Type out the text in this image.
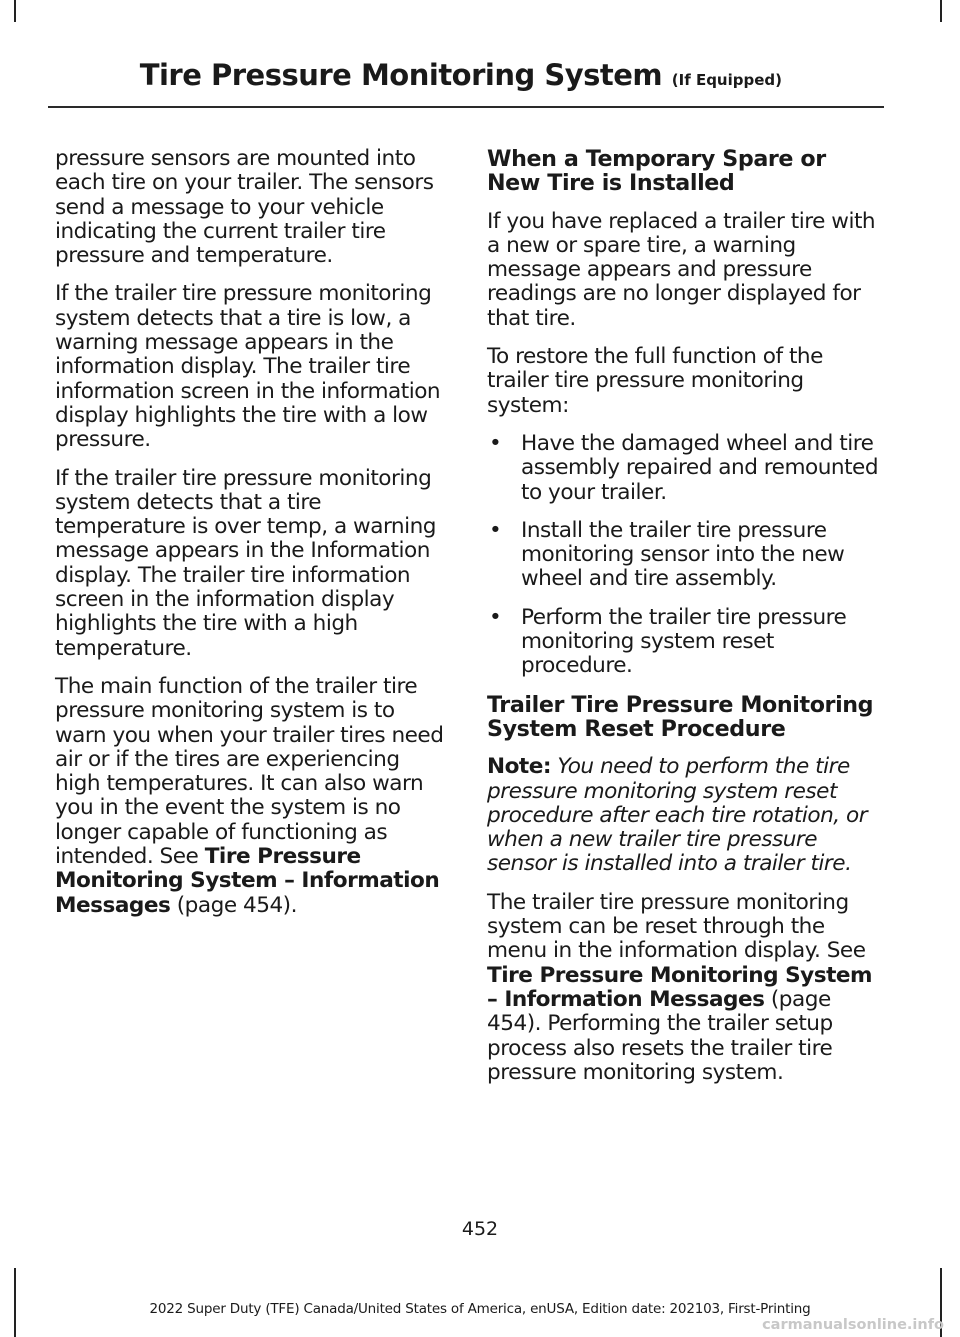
Tire Pressure Monitoring System (If Equipped)

pressure sensors are mounted into each tire on your trailer. The sensors send a message to your vehicle indicating the current trailer tire pressure and temperature.

If the trailer tire pressure monitoring system detects that a tire is low, a warning message appears in the information display. The trailer tire information screen in the information display highlights the tire with a low pressure.

If the trailer tire pressure monitoring system detects that a tire temperature is over temp, a warning message appears in the Information display. The trailer tire information screen in the information display highlights the tire with a high temperature.

The main function of the trailer tire pressure monitoring system is to warn you when your trailer tires need air or if the tires are experiencing high temperatures. It can also warn you in the event the system is no longer capable of functioning as intended. See Tire Pressure Monitoring System – Information Messages (page 454).

When a Temporary Spare or New Tire is Installed

If you have replaced a trailer tire with a new or spare tire, a warning message appears and pressure readings are no longer displayed for that tire.

To restore the full function of the trailer tire pressure monitoring system:

• Have the damaged wheel and tire assembly repaired and remounted to your trailer.
• Install the trailer tire pressure monitoring sensor into the new wheel and tire assembly.
• Perform the trailer tire pressure monitoring system reset procedure.

Trailer Tire Pressure Monitoring System Reset Procedure

Note: You need to perform the tire pressure monitoring system reset procedure after each tire rotation, or when a new trailer tire pressure sensor is installed into a trailer tire.

The trailer tire pressure monitoring system can be reset through the menu in the information display. See Tire Pressure Monitoring System – Information Messages (page 454). Performing the trailer setup process also resets the trailer tire pressure monitoring system.

452
2022 Super Duty (TFE) Canada/United States of America, enUSA, Edition date: 202103, First-Printing
carmanualsonline.info
